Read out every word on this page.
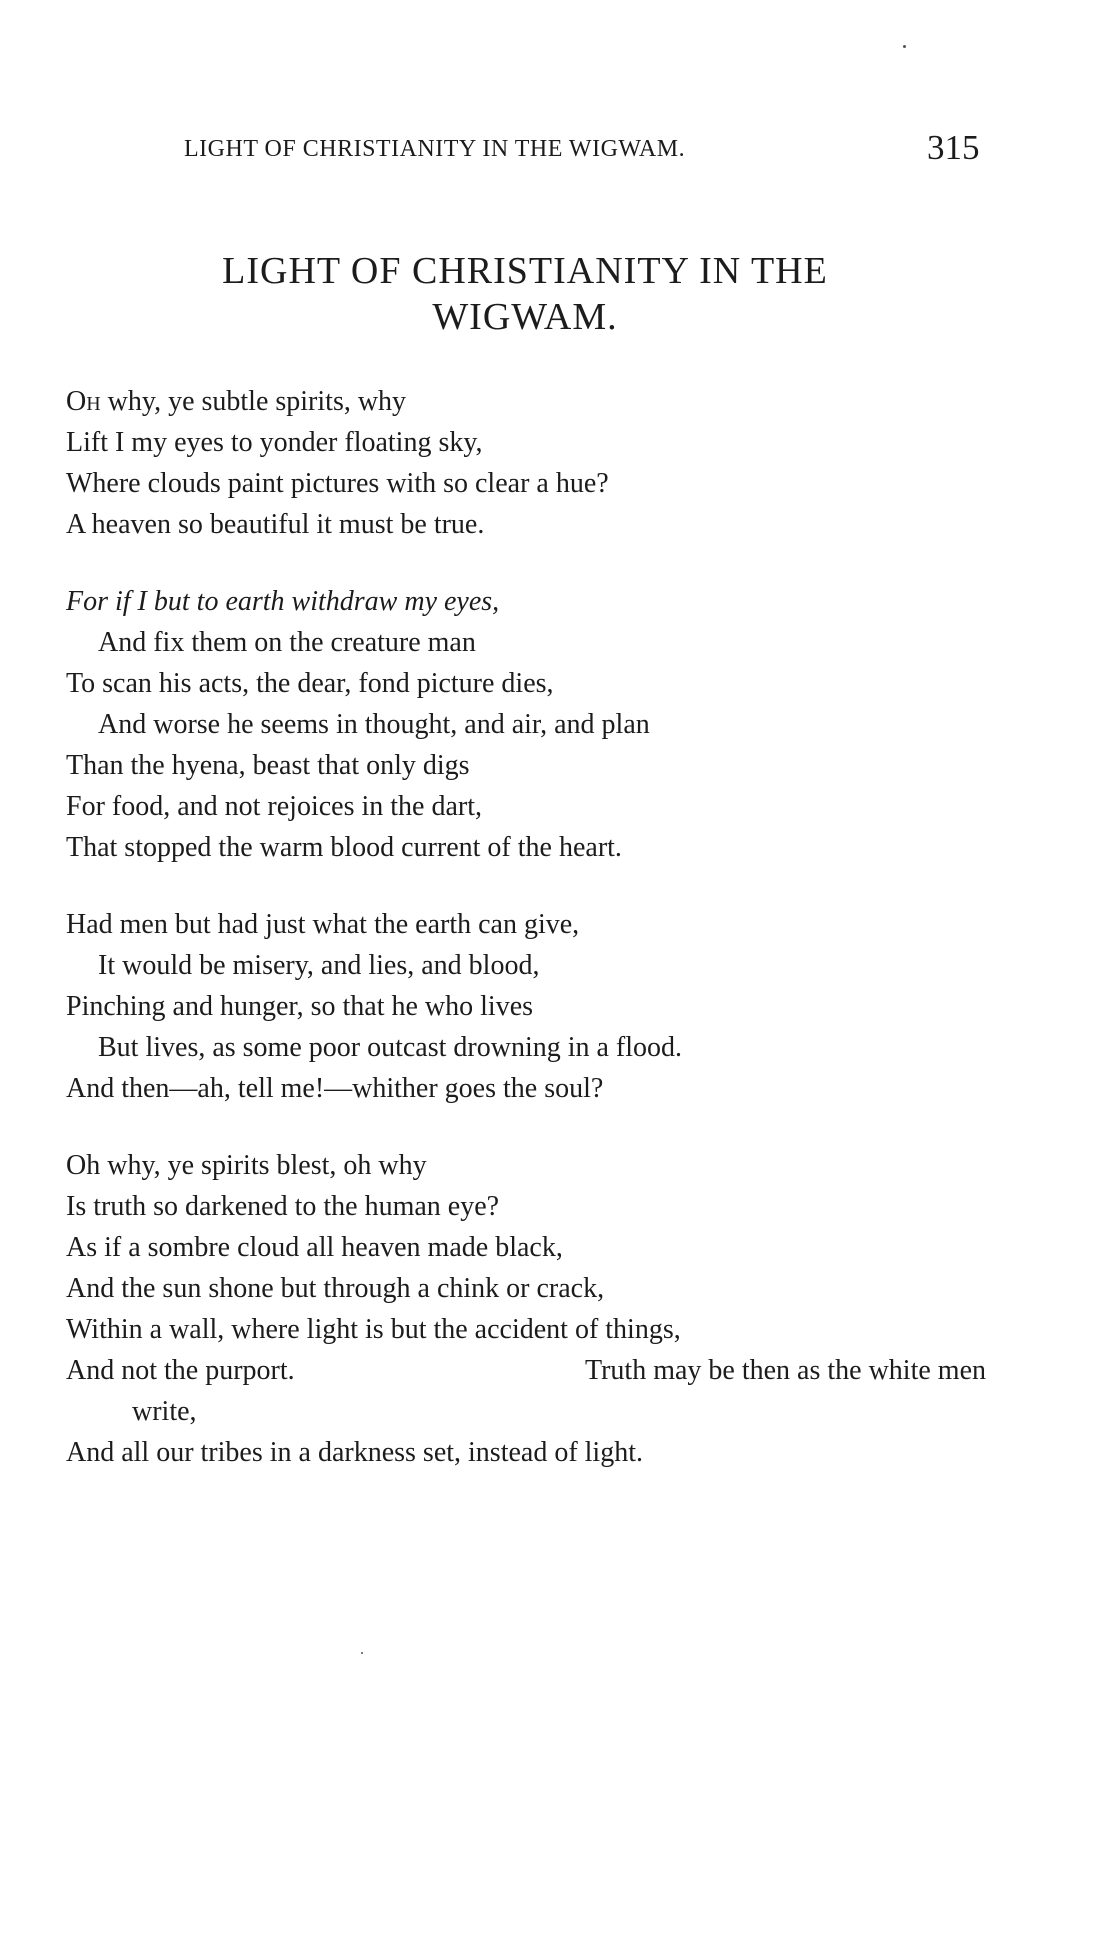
LIGHT OF CHRISTIANITY IN THE WIGWAM.	315
LIGHT OF CHRISTIANITY IN THE
WIGWAM.
Oh why, ye subtle spirits, why
Lift I my eyes to yonder floating sky,
Where clouds paint pictures with so clear a hue?
A heaven so beautiful it must be true.
For if I but to earth withdraw my eyes,
And fix them on the creature man
To scan his acts, the dear, fond picture dies,
And worse he seems in thought, and air, and plan
Than the hyena, beast that only digs
For food, and not rejoices in the dart,
That stopped the warm blood current of the heart.
Had men but had just what the earth can give,
It would be misery, and lies, and blood,
Pinching and hunger, so that he who lives
But lives, as some poor outcast drowning in a flood.
And then—ah, tell me!—whither goes the soul?
Oh why, ye spirits blest, oh why
Is truth so darkened to the human eye?
As if a sombre cloud all heaven made black,
And the sun shone but through a chink or crack,
Within a wall, where light is but the accident of things,
And not the purport.	Truth may be then as the white men
write,
And all our tribes in a darkness set, instead of light.
